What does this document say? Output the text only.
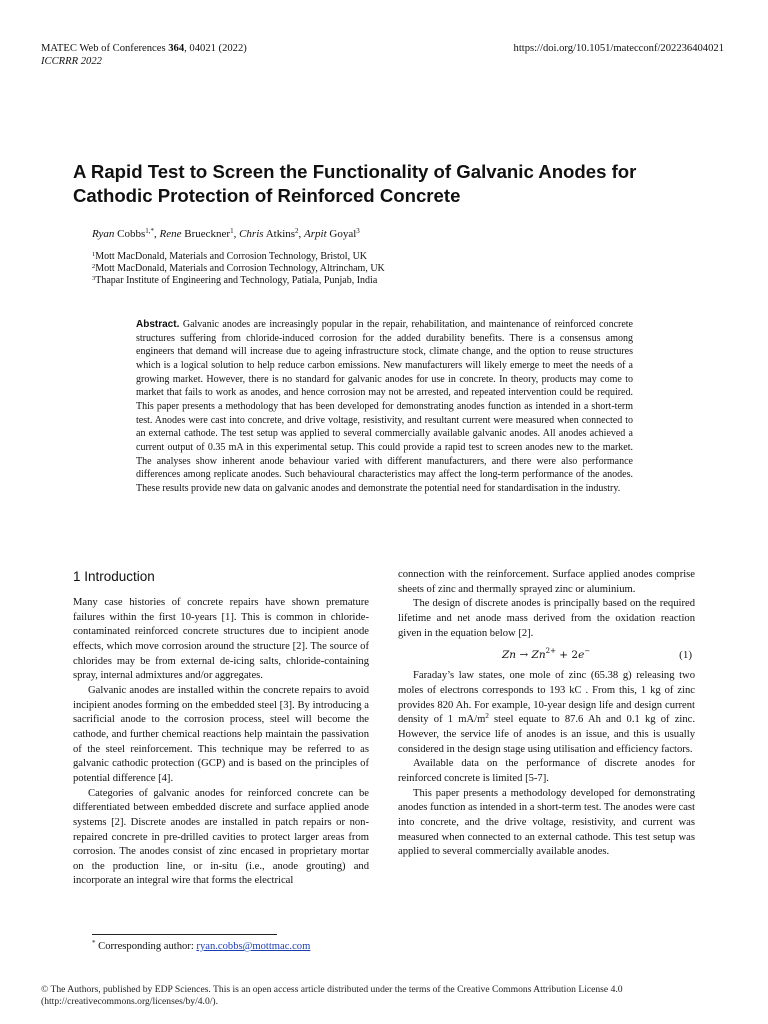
MATEC Web of Conferences 364, 04021 (2022)
ICCRRR 2022
https://doi.org/10.1051/matecconf/202236404021
A Rapid Test to Screen the Functionality of Galvanic Anodes for Cathodic Protection of Reinforced Concrete
Ryan Cobbs$^{1,*}$, Rene Brueckner$^1$, Chris Atkins$^2$, Arpit Goyal$^3$
$^1$Mott MacDonald, Materials and Corrosion Technology, Bristol, UK
$^2$Mott MacDonald, Materials and Corrosion Technology, Altrincham, UK
$^3$Thapar Institute of Engineering and Technology, Patiala, Punjab, India
Abstract. Galvanic anodes are increasingly popular in the repair, rehabilitation, and maintenance of reinforced concrete structures suffering from chloride-induced corrosion for the added durability benefits. There is a consensus among engineers that demand will increase due to ageing infrastructure stock, climate change, and the option to reuse structures which is a logical solution to help reduce carbon emissions. New manufacturers will likely emerge to meet the needs of a growing market. However, there is no standard for galvanic anodes for use in concrete. In theory, products may come to market that fails to work as anodes, and hence corrosion may not be arrested, and repeated intervention could be required. This paper presents a methodology that has been developed for demonstrating anodes function as intended in a short-term test. Anodes were cast into concrete, and drive voltage, resistivity, and resultant current were measured when connected to an external cathode. The test setup was applied to several commercially available galvanic anodes. All anodes achieved a current output of 0.35 mA in this experimental setup. This could provide a rapid test to screen anodes new to the market. The analyses show inherent anode behaviour varied with different manufacturers, and there were also performance differences among replicate anodes. Such behavioural characteristics may affect the long-term performance of the anodes. These results provide new data on galvanic anodes and demonstrate the potential need for standardisation in the industry.
1 Introduction

Many case histories of concrete repairs have shown premature failures within the first 10-years [1]. This is common in chloride-contaminated reinforced concrete structures due to incipient anode effects, which move corrosion around the structure [2]. The source of chlorides may be from external de-icing salts, chloride-containing spray, internal admixtures and/or aggregates.

Galvanic anodes are installed within the concrete repairs to avoid incipient anodes forming on the embedded steel [3]. By introducing a sacrificial anode to the corrosion process, steel will become the cathode, and further chemical reactions help maintain the passivation of the steel reinforcement. This technique may be referred to as galvanic cathodic protection (GCP) and is based on the principles of potential difference [4].

Categories of galvanic anodes for reinforced concrete can be differentiated between embedded discrete and surface applied anode systems [2]. Discrete anodes are installed in patch repairs or non-repaired concrete in pre-drilled cavities to protect larger areas from corrosion. The anodes consist of zinc encased in proprietary mortar on the production line, or in-situ (i.e., anode grouting) and incorporate an integral wire that forms the electrical

connection with the reinforcement. Surface applied anodes comprise sheets of zinc and thermally sprayed zinc or aluminium.

The design of discrete anodes is principally based on the required lifetime and net anode mass derived from the oxidation reaction given in the equation below [2].

$Zn \to Zn^{2+} + 2e^-$	(1)

Faraday’s law states, one mole of zinc (65.38 g) releasing two moles of electrons corresponds to 193 kC . From this, 1 kg of zinc provides 820 Ah. For example, 10-year design life and design current density of 1 $mA/m^2$ steel equate to 87.6 Ah and 0.1 kg of zinc. However, the service life of anodes is an issue, and this is usually considered in the design stage using utilisation and efficiency factors.

Available data on the performance of discrete anodes for reinforced concrete is limited [5-7].

This paper presents a methodology developed for demonstrating anodes function as intended in a short-term test. The anodes were cast into concrete, and the drive voltage, resistivity, and current was measured when connected to an external cathode. This test setup was applied to several commercially available anodes.

* Corresponding author: ryan.cobbs@mottmac.com
© The Authors, published by EDP Sciences. This is an open access article distributed under the terms of the Creative Commons Attribution License 4.0 (http://creativecommons.org/licenses/by/4.0/).
